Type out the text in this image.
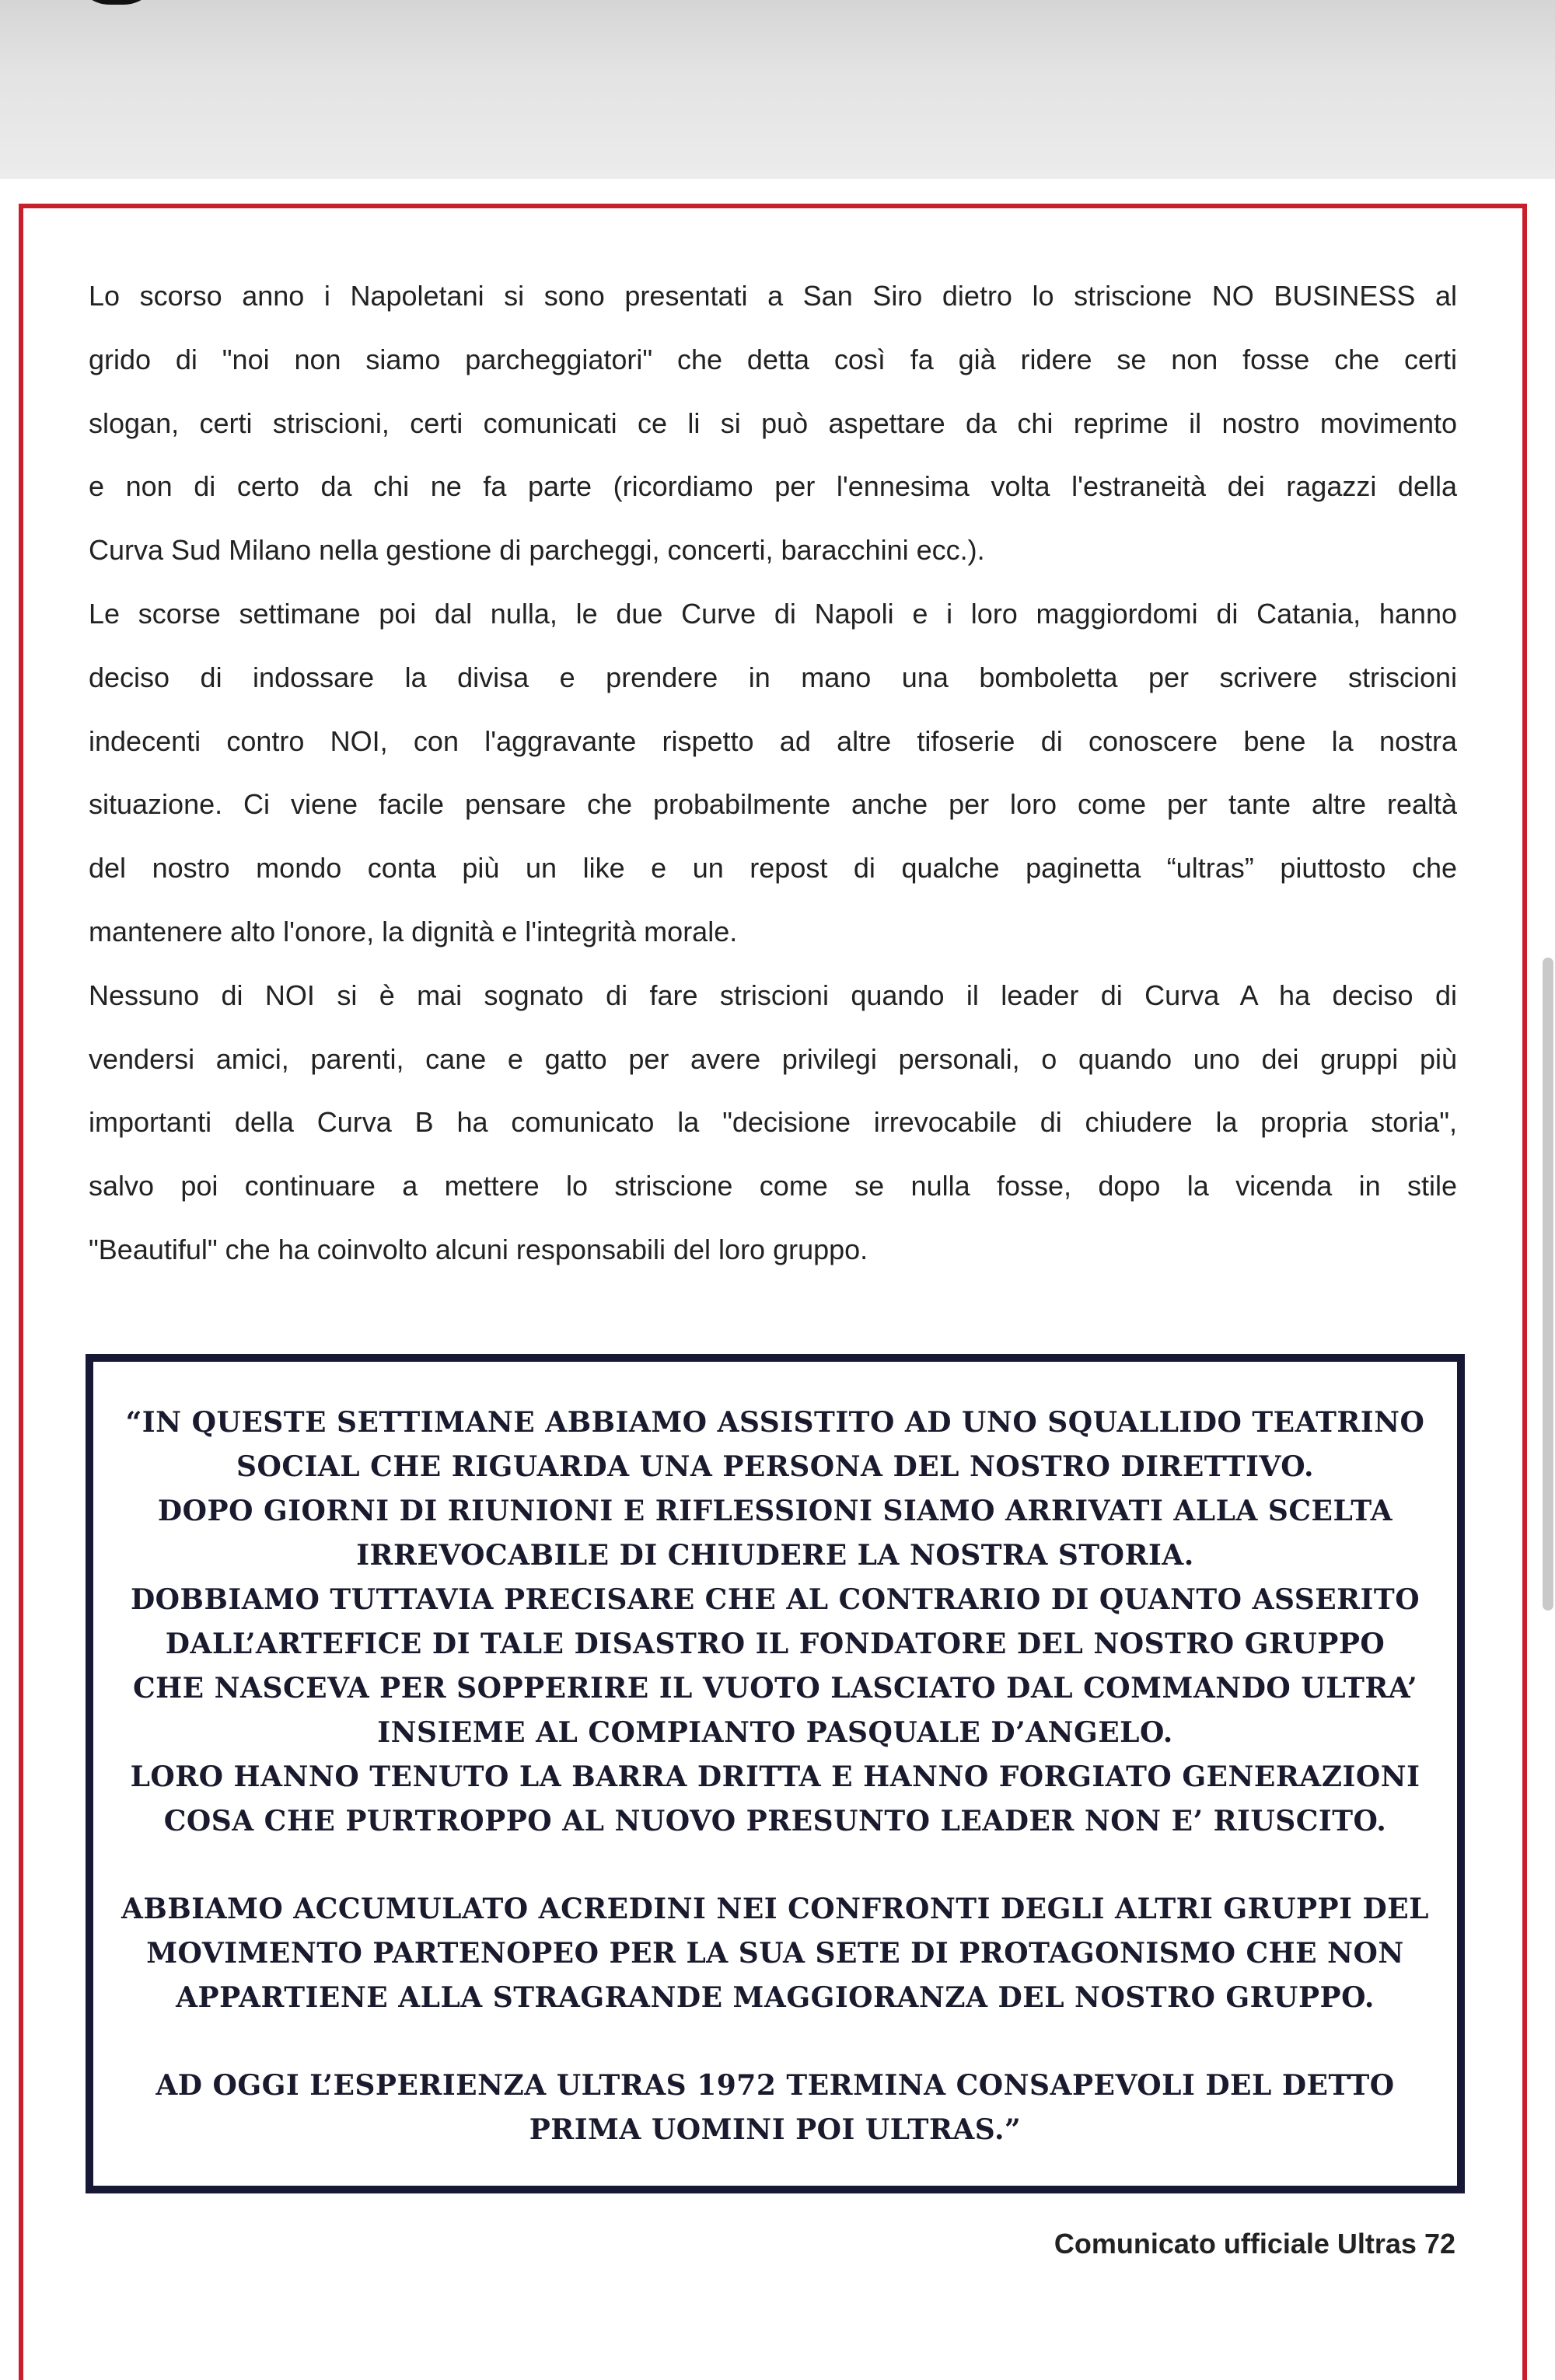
Lo scorso anno i Napoletani si sono presentati a San Siro dietro lo striscione NO BUSINESS al
grido di "noi non siamo parcheggiatori" che detta così fa già ridere se non fosse che certi
slogan, certi striscioni, certi comunicati ce li si può aspettare da chi reprime il nostro movimento
e non di certo da chi ne fa parte (ricordiamo per l'ennesima volta l'estraneità dei ragazzi della
Curva Sud Milano nella gestione di parcheggi, concerti, baracchini ecc.).

Le scorse settimane poi dal nulla, le due Curve di Napoli e i loro maggiordomi di Catania, hanno
deciso di indossare la divisa e prendere in mano una bomboletta per scrivere striscioni
indecenti contro NOI, con l'aggravante rispetto ad altre tifoserie di conoscere bene la nostra
situazione. Ci viene facile pensare che probabilmente anche per loro come per tante altre realtà
del nostro mondo conta più un like e un repost di qualche paginetta “ultras” piuttosto che
mantenere alto l'onore, la dignità e l'integrità morale.

Nessuno di NOI si è mai sognato di fare striscioni quando il leader di Curva A ha deciso di
vendersi amici, parenti, cane e gatto per avere privilegi personali, o quando uno dei gruppi più
importanti della Curva B ha comunicato la "decisione irrevocabile di chiudere la propria storia",
salvo poi continuare a mettere lo striscione come se nulla fosse, dopo la vicenda in stile
"Beautiful" che ha coinvolto alcuni responsabili del loro gruppo.

“IN QUESTE SETTIMANE ABBIAMO ASSISTITO AD UNO SQUALLIDO TEATRINO
SOCIAL CHE RIGUARDA UNA PERSONA DEL NOSTRO DIRETTIVO.
DOPO GIORNI DI RIUNIONI E RIFLESSIONI SIAMO ARRIVATI ALLA SCELTA
IRREVOCABILE DI CHIUDERE LA NOSTRA STORIA.
DOBBIAMO TUTTAVIA PRECISARE CHE AL CONTRARIO DI QUANTO ASSERITO
DALL’ARTEFICE DI TALE DISASTRO IL FONDATORE DEL NOSTRO GRUPPO
CHE NASCEVA PER SOPPERIRE IL VUOTO LASCIATO DAL COMMANDO ULTRA’
INSIEME AL COMPIANTO PASQUALE D’ANGELO.
LORO HANNO TENUTO LA BARRA DRITTA E HANNO FORGIATO GENERAZIONI
COSA CHE PURTROPPO AL NUOVO PRESUNTO LEADER NON E’ RIUSCITO.
ABBIAMO ACCUMULATO ACREDINI NEI CONFRONTI DEGLI ALTRI GRUPPI DEL
MOVIMENTO PARTENOPEO PER LA SUA SETE DI PROTAGONISMO CHE NON
APPARTIENE ALLA STRAGRANDE MAGGIORANZA DEL NOSTRO GRUPPO.
AD OGGI L’ESPERIENZA ULTRAS 1972 TERMINA CONSAPEVOLI DEL DETTO
PRIMA UOMINI POI ULTRAS.”
Comunicato ufficiale Ultras 72
